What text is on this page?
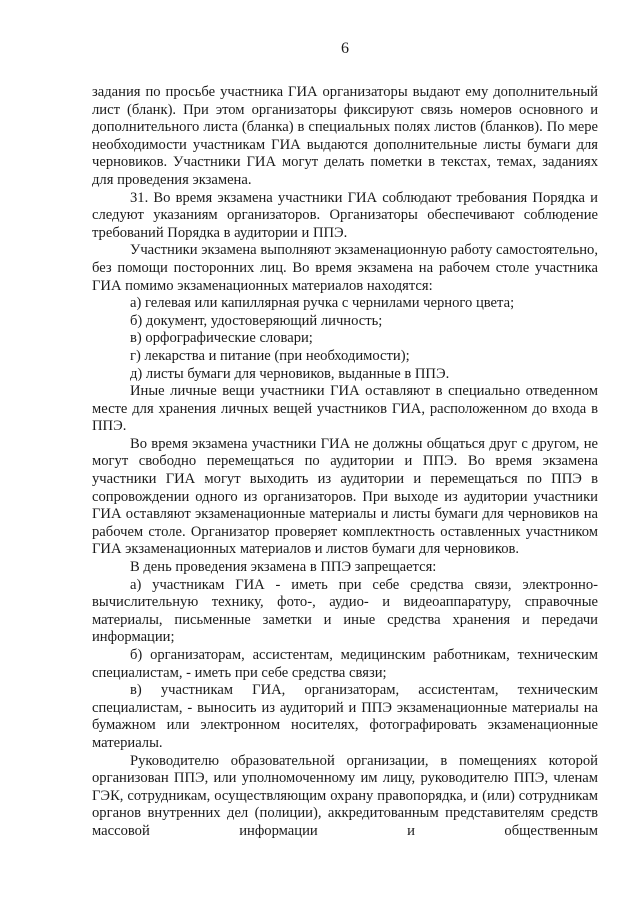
6

задания по просьбе участника ГИА организаторы выдают ему дополнительный лист (бланк). При этом организаторы фиксируют связь номеров основного и дополнительного листа (бланка) в специальных полях листов (бланков). По мере необходимости участникам ГИА выдаются дополнительные листы бумаги для черновиков. Участники ГИА могут делать пометки в текстах, темах, заданиях для проведения экзамена.

31. Во время экзамена участники ГИА соблюдают требования Порядка и следуют указаниям организаторов. Организаторы обеспечивают соблюдение требований Порядка в аудитории и ППЭ.

Участники экзамена выполняют экзаменационную работу самостоятельно, без помощи посторонних лиц. Во время экзамена на рабочем столе участника ГИА помимо экзаменационных материалов находятся:

а) гелевая или капиллярная ручка с чернилами черного цвета;

б) документ, удостоверяющий личность;

в) орфографические словари;

г) лекарства и питание (при необходимости);

д) листы бумаги для черновиков, выданные в ППЭ.

Иные личные вещи участники ГИА оставляют в специально отведенном месте для хранения личных вещей участников ГИА, расположенном до входа в ППЭ.

Во время экзамена участники ГИА не должны общаться друг с другом, не могут свободно перемещаться по аудитории и ППЭ. Во время экзамена участники ГИА могут выходить из аудитории и перемещаться по ППЭ в сопровождении одного из организаторов. При выходе из аудитории участники ГИА оставляют экзаменационные материалы и листы бумаги для черновиков на рабочем столе. Организатор проверяет комплектность оставленных участником ГИА экзаменационных материалов и листов бумаги для черновиков.

В день проведения экзамена в ППЭ запрещается:

а) участникам ГИА - иметь при себе средства связи, электронно-вычислительную технику, фото-, аудио- и видеоаппаратуру, справочные материалы, письменные заметки и иные средства хранения и передачи информации;

б) организаторам, ассистентам, медицинским работникам, техническим специалистам, - иметь при себе средства связи;

в) участникам ГИА, организаторам, ассистентам, техническим специалистам, - выносить из аудиторий и ППЭ экзаменационные материалы на бумажном или электронном носителях, фотографировать экзаменационные материалы.

Руководителю образовательной организации, в помещениях которой организован ППЭ, или уполномоченному им лицу, руководителю ППЭ, членам ГЭК, сотрудникам, осуществляющим охрану правопорядка, и (или) сотрудникам органов внутренних дел (полиции), аккредитованным представителям средств массовой информации и общественным
